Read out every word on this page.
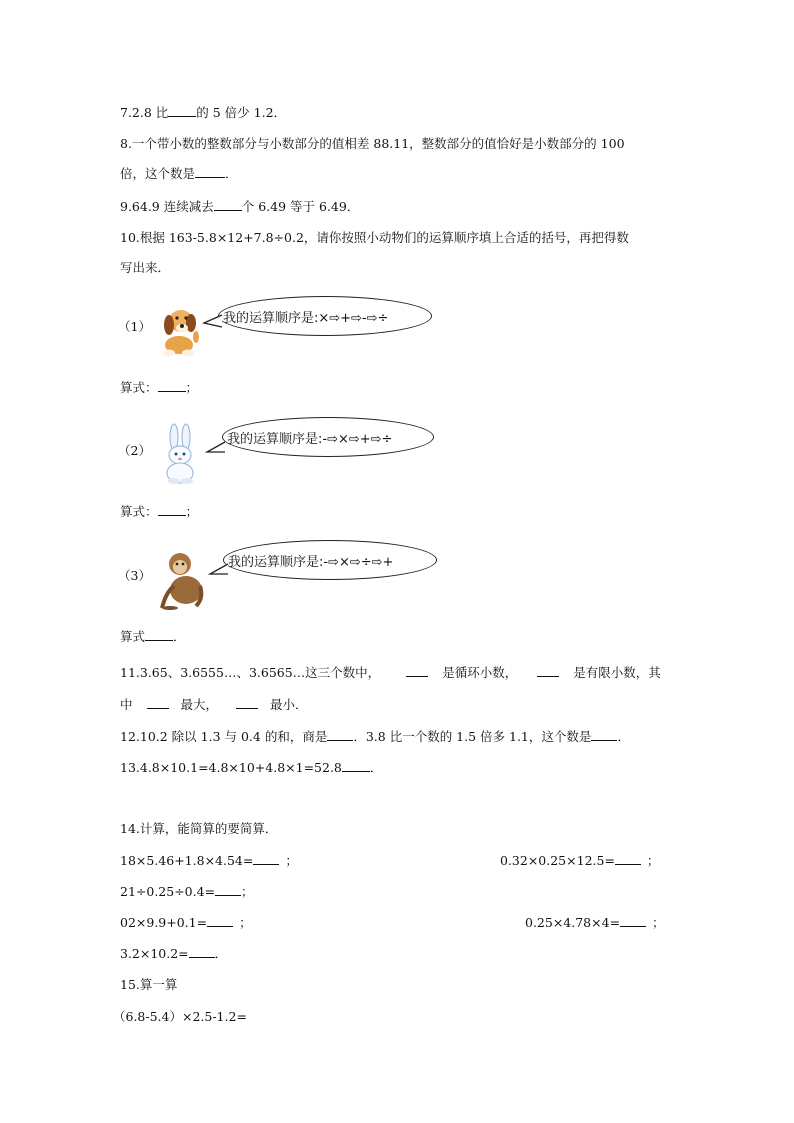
7.2.8 比 的 5 倍少 1.2．
8.一个带小数的整数部分与小数部分的值相差 88.11，整数部分的值恰好是小数部分的 100
倍，这个数是 ．
9.64.9 连续减去 个 6.49 等于 6.49．
10.根据 163-5.8×12+7.8÷0.2，请你按照小动物们的运算顺序填上合适的括号，再把得数
写出来．
（1）
我的运算顺序是:×⇨+⇨-⇨÷
算式： ；
（2）
我的运算顺序是:-⇨×⇨+⇨÷
算式： ；
（3）
我的运算顺序是:-⇨×⇨÷⇨+
算式 ．
11.3.65、3.6555…、3.6565…这三个数中，	是循环小数，	是有限小数，其
中	最大，	最小．
12.10.2 除以 1.3 与 0.4 的和，商是 ．3.8 比一个数的 1.5 倍多 1.1，这个数是 ．
13.4.8×10.1=4.8×10+4.8×1=52.8 ．
14.计算，能简算的要简算．
18×5.46+1.8×4.54=	；	0.32×0.25×12.5=	；
21÷0.25÷0.4= ；
02×9.9+0.1=	；	0.25×4.78×4=	；
3.2×10.2= ．
15.算一算
（6.8-5.4）×2.5-1.2=
